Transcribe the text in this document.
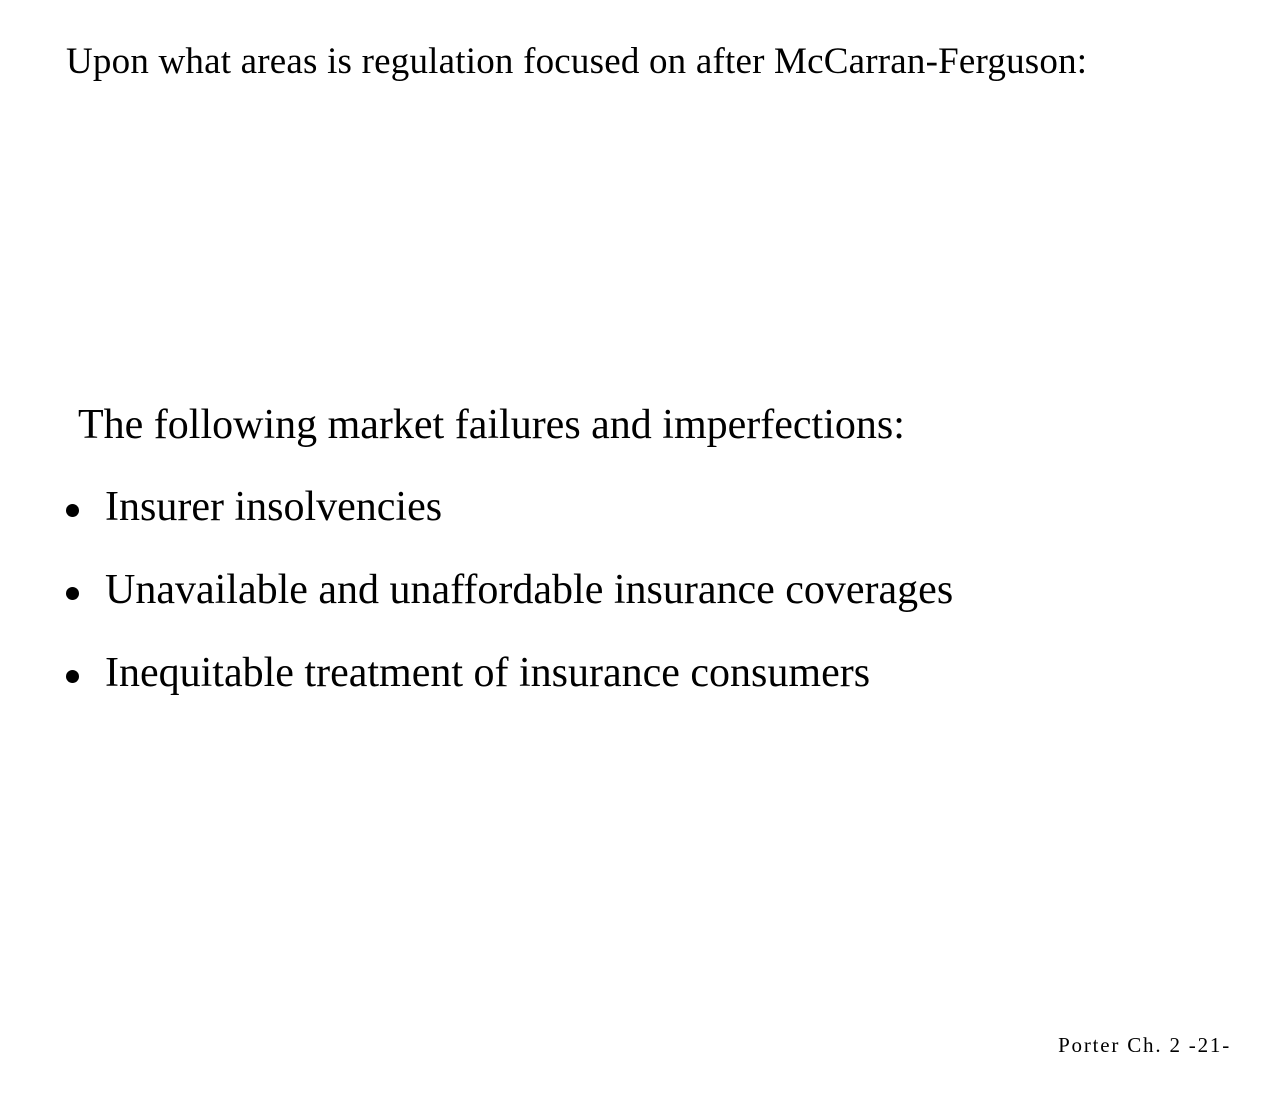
Upon what areas is regulation focused on after McCarran-Ferguson:
The following market failures and imperfections:
Insurer insolvencies
Unavailable and unaffordable insurance coverages
Inequitable treatment of insurance consumers
Porter Ch. 2 -21-
